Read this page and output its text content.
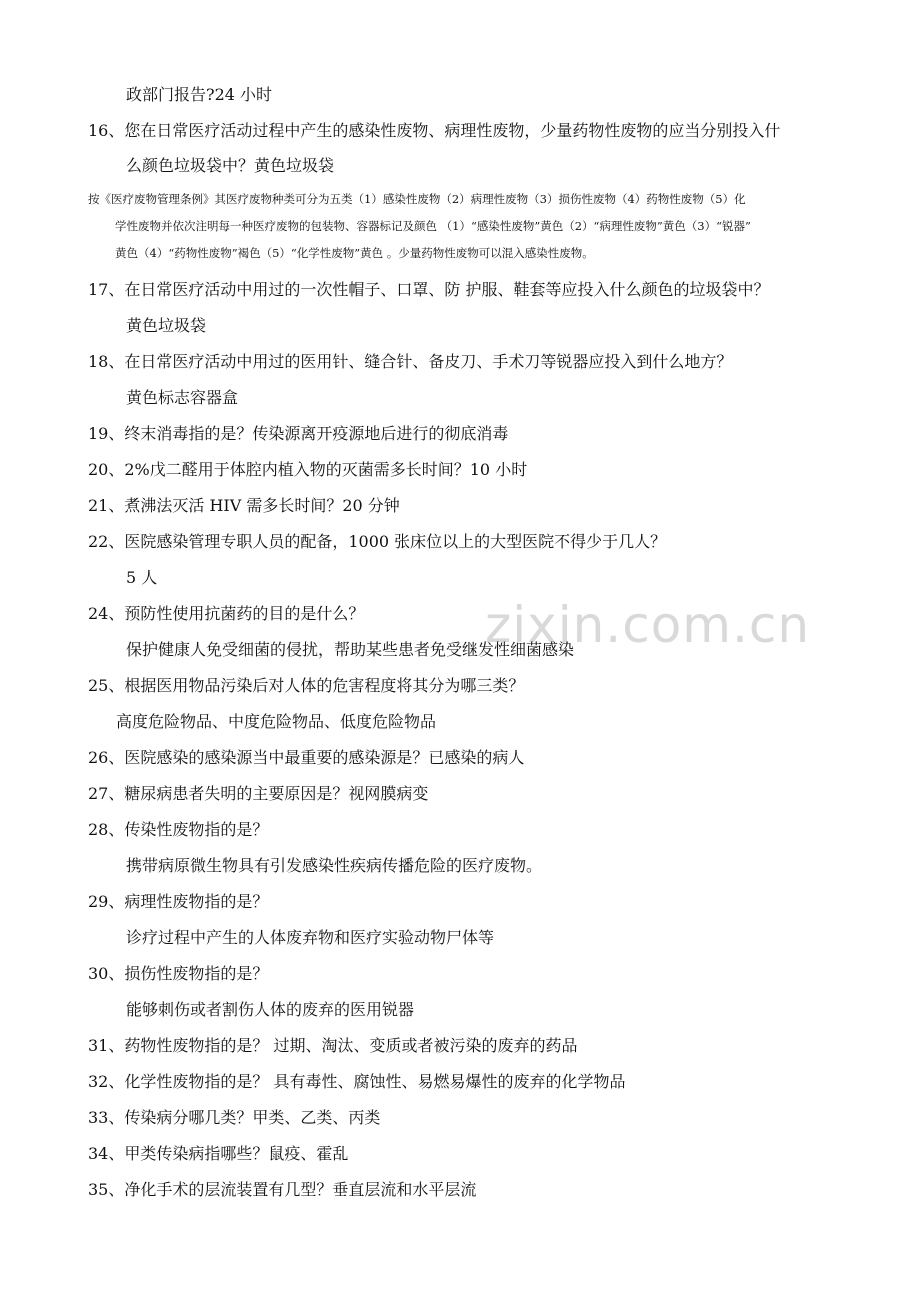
zixin.com.cn
政部门报告?24 小时
16、您在日常医疗活动过程中产生的感染性废物、病理性废物，少量药物性废物的应当分别投入什
么颜色垃圾袋中？黄色垃圾袋
按《医疗废物管理条例》其医疗废物种类可分为五类（1）感染性废物（2）病理性废物（3）损伤性废物（4）药物性废物（5）化
学性废物并依次注明每一种医疗废物的包装物、容器标记及颜色 （1）“感染性废物”黄色（2）“病理性废物”黄色（3）“锐器”
黄色（4）“药物性废物”褐色（5）“化学性废物”黄色 。少量药物性废物可以混入感染性废物。
17、在日常医疗活动中用过的一次性帽子、口罩、防 护服、鞋套等应投入什么颜色的垃圾袋中？
黄色垃圾袋
18、在日常医疗活动中用过的医用针、缝合针、备皮刀、手术刀等锐器应投入到什么地方？
黄色标志容器盒
19、终末消毒指的是？传染源离开疫源地后进行的彻底消毒
20、2%戊二醛用于体腔内植入物的灭菌需多长时间？10 小时
21、煮沸法灭活 HIV 需多长时间？20 分钟
22、医院感染管理专职人员的配备，1000 张床位以上的大型医院不得少于几人？
5 人
24、预防性使用抗菌药的目的是什么？
保护健康人免受细菌的侵扰，帮助某些患者免受继发性细菌感染
25、根据医用物品污染后对人体的危害程度将其分为哪三类？
高度危险物品、中度危险物品、低度危险物品
26、医院感染的感染源当中最重要的感染源是？已感染的病人
27、糖尿病患者失明的主要原因是？视网膜病变
28、传染性废物指的是？
携带病原微生物具有引发感染性疾病传播危险的医疗废物。
29、病理性废物指的是？
诊疗过程中产生的人体废弃物和医疗实验动物尸体等
30、损伤性废物指的是？
能够刺伤或者割伤人体的废弃的医用锐器
31、药物性废物指的是？ 过期、淘汰、变质或者被污染的废弃的药品
32、化学性废物指的是？ 具有毒性、腐蚀性、易燃易爆性的废弃的化学物品
33、传染病分哪几类？甲类、乙类、丙类
34、甲类传染病指哪些？鼠疫、霍乱
35、净化手术的层流装置有几型？垂直层流和水平层流
